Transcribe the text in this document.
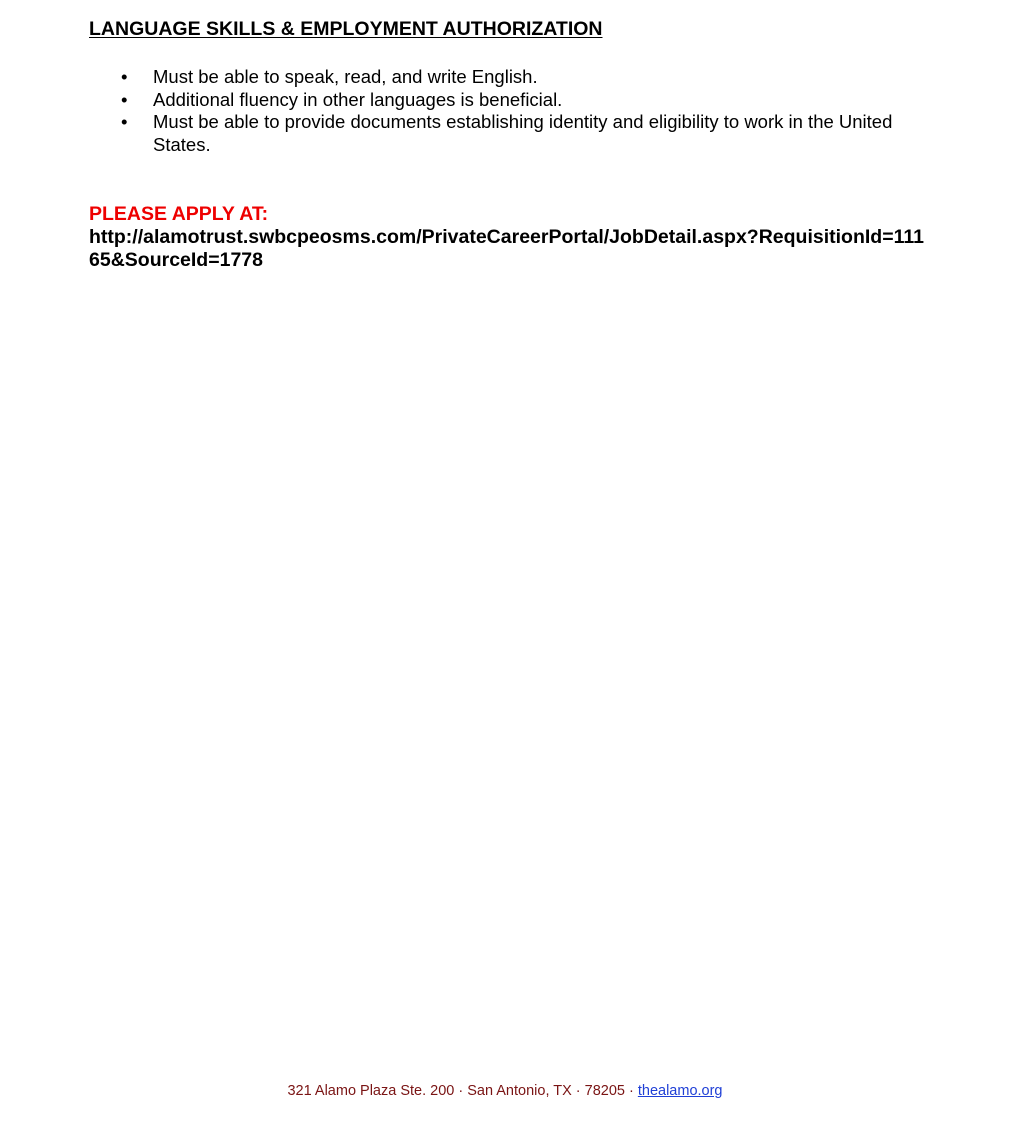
LANGUAGE SKILLS & EMPLOYMENT AUTHORIZATION
• Must be able to speak, read, and write English.
• Additional fluency in other languages is beneficial.
• Must be able to provide documents establishing identity and eligibility to work in the United States.
PLEASE APPLY AT:
http://alamotrust.swbcpeosms.com/PrivateCareerPortal/JobDetail.aspx?RequisitionId=11165&SourceId=1778
321 Alamo Plaza Ste. 200 · San Antonio, TX · 78205 · thealamo.org
